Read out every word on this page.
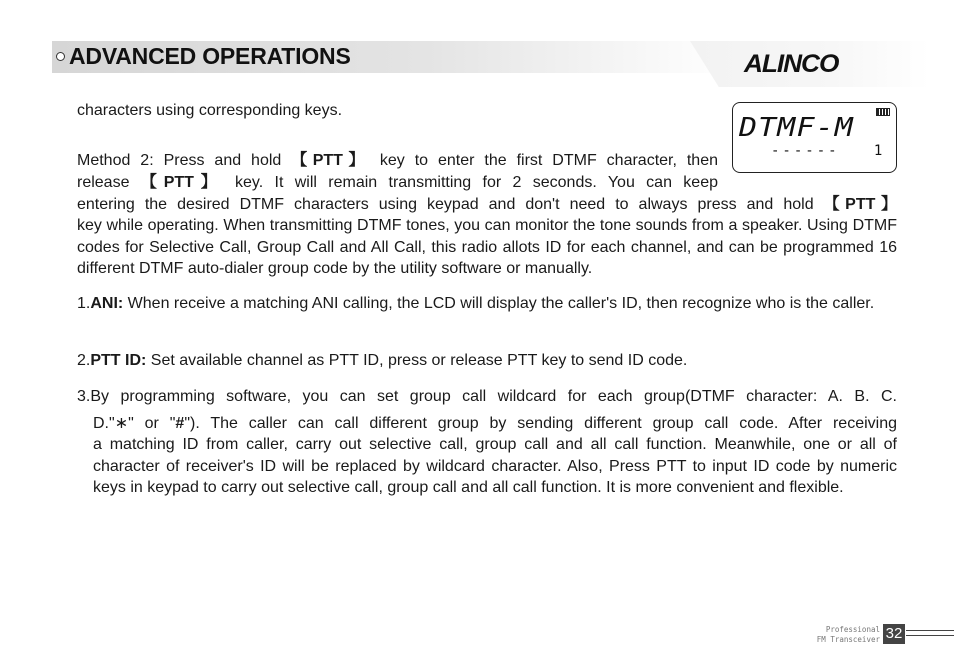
ADVANCED OPERATIONS	ALINCO
DTMF-M
------   1

characters using corresponding keys.

Method 2: Press and hold 【PTT】 key to enter the first DTMF character, then

release 【PTT】 key. It will remain transmitting for 2 seconds. You can keep

entering the desired DTMF characters using keypad and don't need to always press and hold 【PTT】

key while operating. When transmitting DTMF tones, you can monitor the tone sounds from a speaker. Using DTMF codes for Selective Call, Group Call and All Call, this radio allots ID for each channel, and can be programmed 16 different DTMF auto-dialer group code by the utility software or manually.

1.ANI: When receive a matching ANI calling, the LCD will display the caller's ID, then recognize who is the caller.

2.PTT ID: Set available channel as PTT ID, press or release PTT key to send ID code.

3.By programming software, you can set group call wildcard for each group(DTMF character: A. B. C.

D."∗" or "#"). The caller can call different group by sending different group call code. After receiving

a matching ID from caller, carry out selective call, group call and all call function. Meanwhile, one or all of character of receiver's ID will be replaced by wildcard character. Also, Press PTT to input ID code by numeric keys in keypad to carry out selective call, group call and all call function. It is more convenient and flexible.

Professional
FM Transceiver 32
